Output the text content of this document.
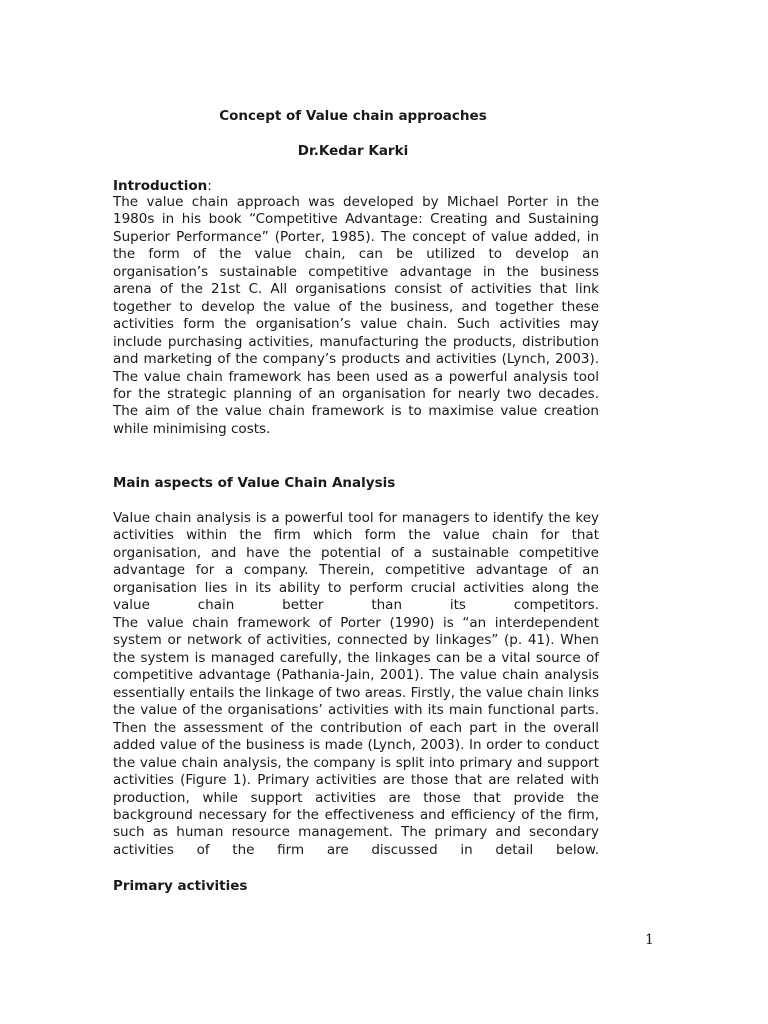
Concept of Value chain approaches

Dr.Kedar Karki

Introduction:

The value chain approach was developed by Michael Porter in the 1980s in his book “Competitive Advantage: Creating and Sustaining Superior Performance” (Porter, 1985). The concept of value added, in the form of the value chain, can be utilized to develop an organisation’s sustainable competitive advantage in the business arena of the 21st C. All organisations consist of activities that link together to develop the value of the business, and together these activities form the organisation’s value chain. Such activities may include purchasing activities, manufacturing the products, distribution and marketing of the company’s products and activities (Lynch, 2003). The value chain framework has been used as a powerful analysis tool for the strategic planning of an organisation for nearly two decades. The aim of the value chain framework is to maximise value creation while minimising costs.

Main aspects of Value Chain Analysis

Value chain analysis is a powerful tool for managers to identify the key activities within the firm which form the value chain for that organisation, and have the potential of a sustainable competitive advantage for a company. Therein, competitive advantage of an organisation lies in its ability to perform crucial activities along the value chain better than its competitors.

The value chain framework of Porter (1990) is “an interdependent system or network of activities, connected by linkages” (p. 41). When the system is managed carefully, the linkages can be a vital source of competitive advantage (Pathania-Jain, 2001). The value chain analysis essentially entails the linkage of two areas. Firstly, the value chain links the value of the organisations’ activities with its main functional parts. Then the assessment of the contribution of each part in the overall added value of the business is made (Lynch, 2003). In order to conduct the value chain analysis, the company is split into primary and support activities (Figure 1). Primary activities are those that are related with production, while support activities are those that provide the background necessary for the effectiveness and efficiency of the firm, such as human resource management. The primary and secondary activities of the firm are discussed in detail below.

Primary activities

1
